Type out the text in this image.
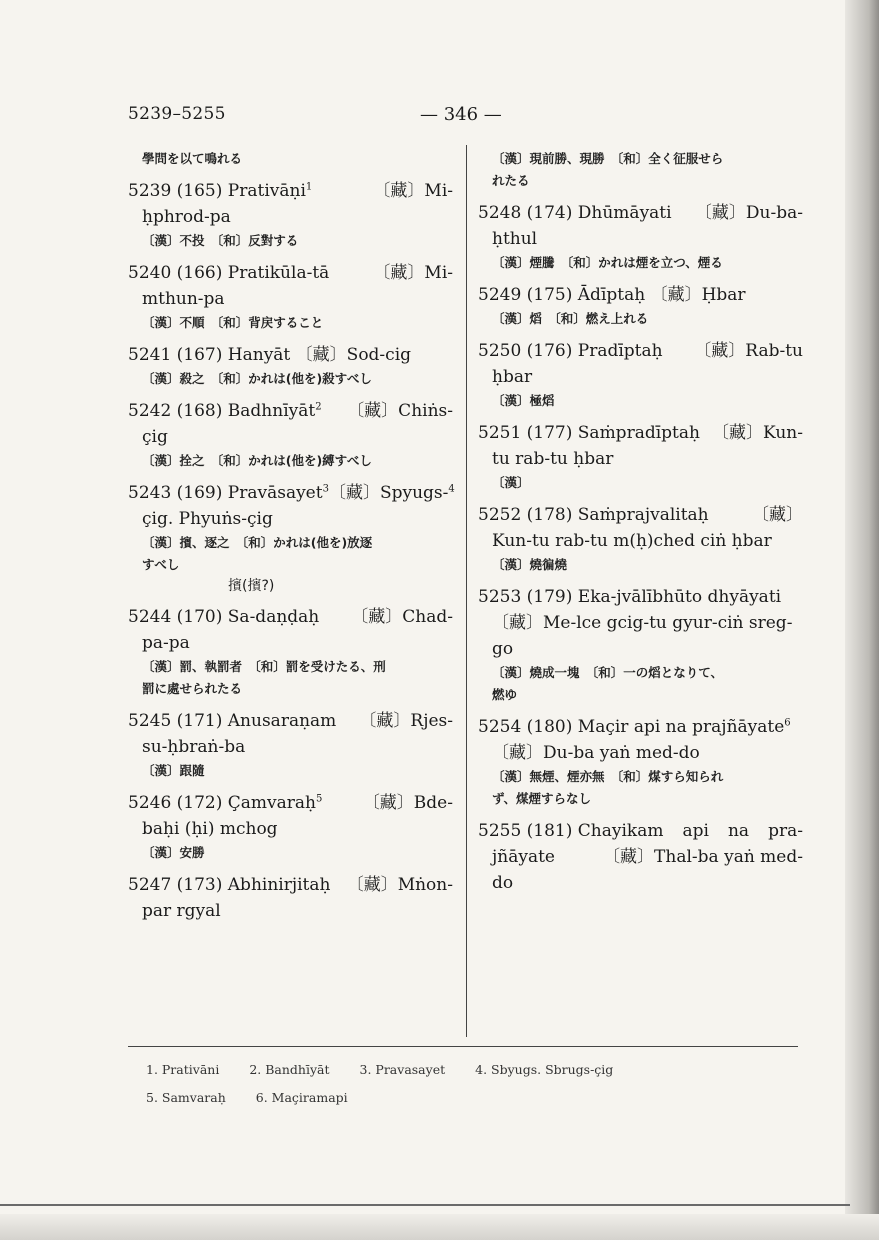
5239–5255	— 346 —
學問を以て鳴れる
5239 (165) Prativāṇi$^1$	〔藏〕Mi-
ḥphrod-pa
〔漢〕不投　〔和〕反對する
5240 (166) Pratikūla-tā	〔藏〕Mi-
mthun-pa
〔漢〕不順　〔和〕背戻すること
5241 (167) Hanyāt 〔藏〕Sod-cig
〔漢〕殺之　〔和〕かれは(他を)殺すべし
5242 (168) Badhnīyāt$^2$ 〔藏〕Chiṅs-
çig
〔漢〕拴之　〔和〕かれは(他を)縛すべし
5243 (169) Pravāsayet$^3$ 〔藏〕Spyugs-$^4$
çig. Phyuṅs-çig
〔漢〕擯、逐之　〔和〕かれは(他を)放逐
すべし
擯(擯?)
5244 (170) Sa-daṇḍaḥ 〔藏〕Chad-
pa-pa
〔漢〕罰、執罰者　〔和〕罰を受けたる、刑
罰に處せられたる
5245 (171) Anusaraṇam 〔藏〕Rjes-
su-ḥbraṅ-ba
〔漢〕跟隨
5246 (172) Çamvaraḥ$^5$ 〔藏〕Bde-
baḥi (ḥi) mchog
〔漢〕安勝
5247 (173) Abhinirjitaḥ 〔藏〕Mṅon-
par rgyal
〔漢〕現前勝、現勝　〔和〕全く征服せら
れたる
5248 (174) Dhūmāyati 〔藏〕Du-ba-
ḥthul
〔漢〕煙騰　〔和〕かれは煙を立つ、煙る
5249 (175) Ādīptaḥ 〔藏〕Ḥbar
〔漢〕熖　〔和〕燃え上れる
5250 (176) Pradīptaḥ 〔藏〕Rab-tu
ḥbar
〔漢〕極熖
5251 (177) Saṁpradīptaḥ 〔藏〕Kun-
tu rab-tu ḥbar
〔漢〕
5252 (178) Saṁprajvalitaḥ	〔藏〕
Kun-tu rab-tu m(ḥ)ched ciṅ ḥbar
〔漢〕燒徧燒
5253 (179) Eka-jvālībhūto dhyāyati
〔藏〕Me-lce gcig-tu gyur-ciṅ sreg-
go
〔漢〕燒成一塊　〔和〕一の熖となりて、
燃ゆ
5254 (180) Maçir api na prajñāyate$^6$
〔藏〕Du-ba yaṅ med-do
〔漢〕無煙、煙亦無　〔和〕煤すら知られ
ず、煤煙すらなし
5255 (181) Chayikam api na pra-
jñāyate	〔藏〕Thal-ba yaṅ med-
do
1. Prativāni 2. Bandhīyāt 3. Pravasayet 4. Sbyugs. Sbrugs-çig
5. Samvaraḥ 6. Maçiramapi
